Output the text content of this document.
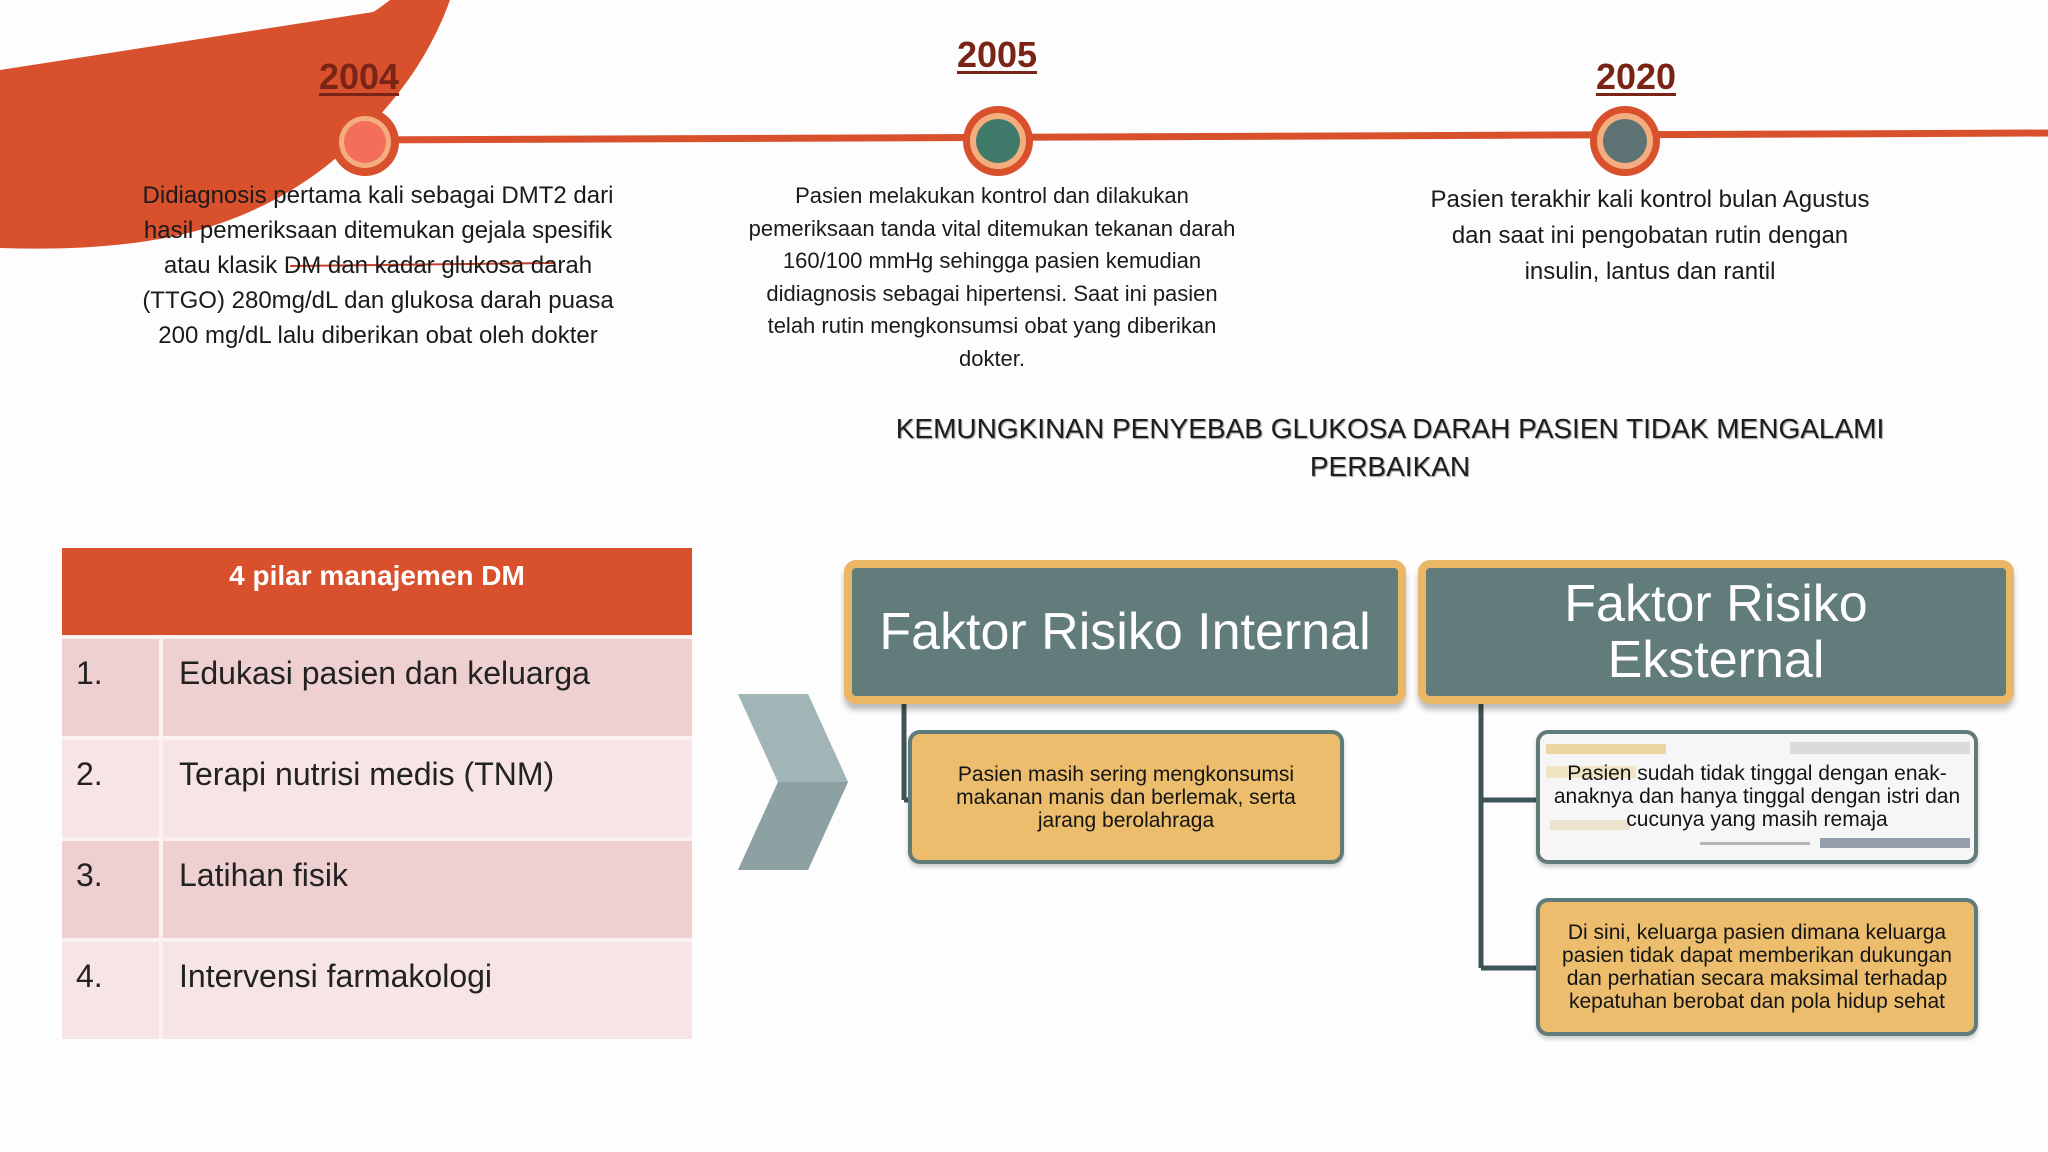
2004
2005
2020
Didiagnosis pertama kali sebagai DMT2 dari hasil pemeriksaan ditemukan gejala spesifik atau klasik DM dan kadar glukosa darah (TTGO) 280mg/dL dan glukosa darah puasa 200 mg/dL lalu diberikan obat oleh dokter
Pasien melakukan kontrol dan dilakukan pemeriksaan tanda vital ditemukan tekanan darah 160/100 mmHg sehingga pasien kemudian didiagnosis sebagai hipertensi. Saat ini pasien telah rutin mengkonsumsi obat yang diberikan dokter.
Pasien terakhir kali kontrol bulan Agustus dan saat ini pengobatan rutin dengan insulin, lantus dan rantil
KEMUNGKINAN PENYEBAB GLUKOSA DARAH PASIEN TIDAK MENGALAMI
PERBAIKAN
4 pilar manajemen DM	
1.	Edukasi pasien dan keluarga
2.	Terapi nutrisi medis (TNM)
3.	Latihan fisik
4.	Intervensi farmakologi
Faktor Risiko Internal	Faktor Risiko
Eksternal
Pasien masih sering mengkonsumsi makanan manis dan berlemak, serta jarang berolahraga
Pasien sudah tidak tinggal dengan enak-anaknya dan hanya tinggal dengan istri dan cucunya yang masih remaja
Di sini, keluarga pasien dimana keluarga pasien tidak dapat memberikan dukungan dan perhatian secara maksimal terhadap kepatuhan berobat dan pola hidup sehat
